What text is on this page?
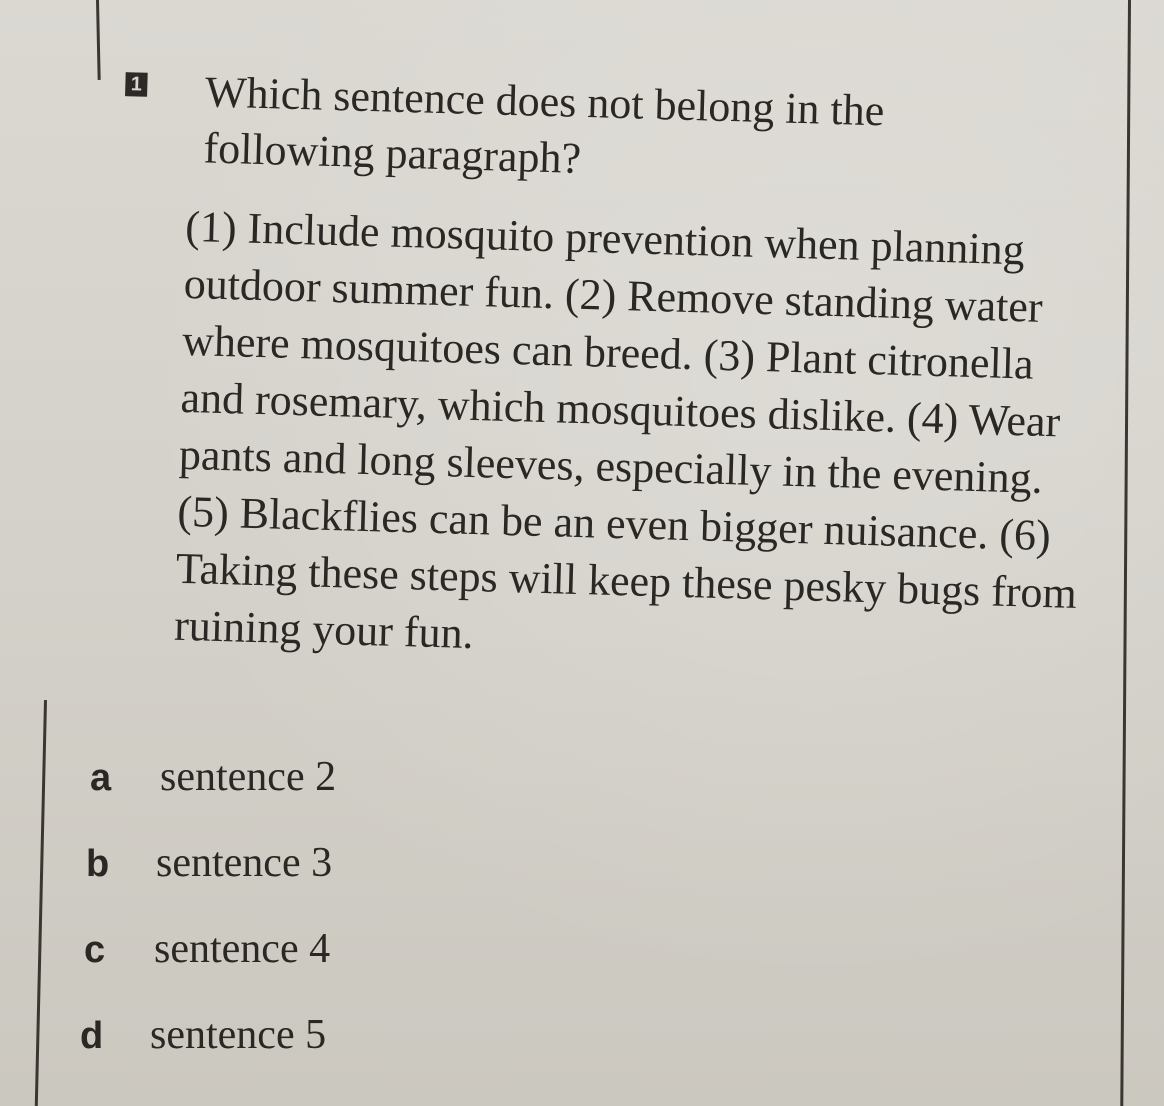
1 Which sentence does not belong in the following paragraph?
(1) Include mosquito prevention when planning outdoor summer fun. (2) Remove standing water where mosquitoes can breed. (3) Plant citronella and rosemary, which mosquitoes dislike. (4) Wear pants and long sleeves, especially in the evening. (5) Blackflies can be an even bigger nuisance. (6) Taking these steps will keep these pesky bugs from ruining your fun.
a sentence 2
b sentence 3
c sentence 4
d sentence 5
